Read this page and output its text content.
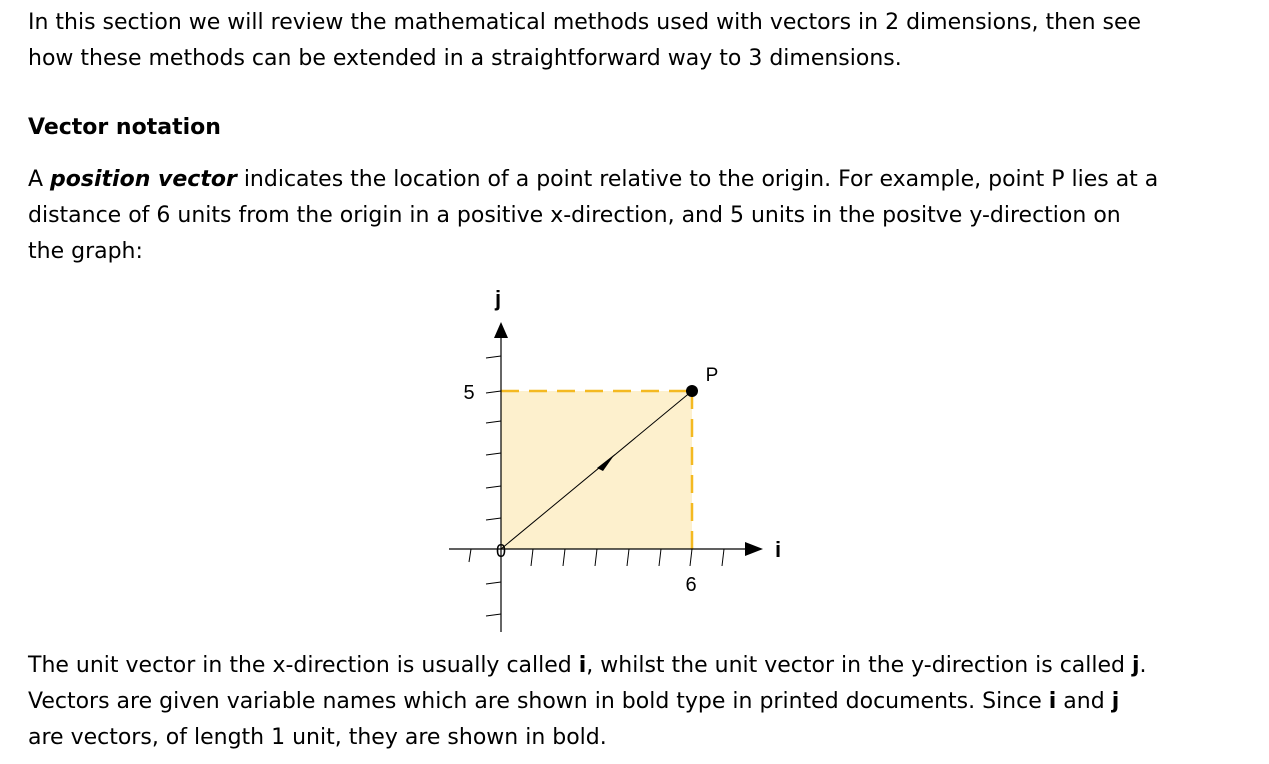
In this section we will review the mathematical methods used with vectors in 2 dimensions, then see
how these methods can be extended in a straightforward way to 3 dimensions.
Vector notation
A position vector indicates the location of a point relative to the origin. For example, point P lies at a
distance of 6 units from the origin in a positive x-direction, and 5 units in the positve y-direction on
the graph:
j
i
5
6
0
P
The unit vector in the x-direction is usually called i, whilst the unit vector in the y-direction is called j.
Vectors are given variable names which are shown in bold type in printed documents. Since i and j
are vectors, of length 1 unit, they are shown in bold.
